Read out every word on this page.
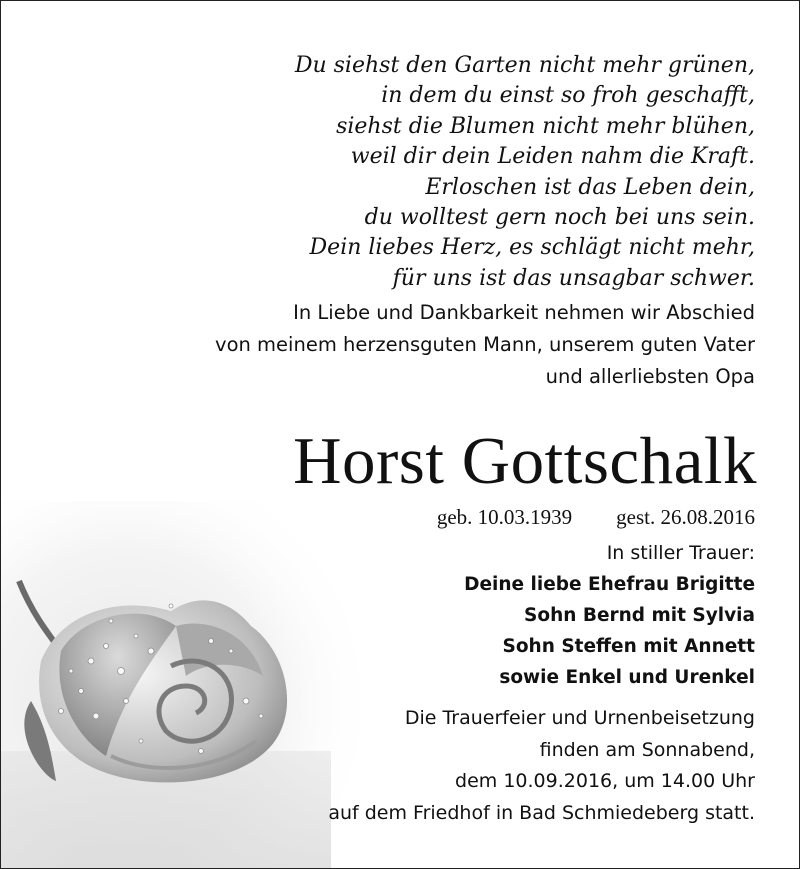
Du siehst den Garten nicht mehr grünen,
in dem du einst so froh geschafft,
siehst die Blumen nicht mehr blühen,
weil dir dein Leiden nahm die Kraft.
Erloschen ist das Leben dein,
du wolltest gern noch bei uns sein.
Dein liebes Herz, es schlägt nicht mehr,
für uns ist das unsagbar schwer.
In Liebe und Dankbarkeit nehmen wir Abschied
von meinem herzensguten Mann, unserem guten Vater
und allerliebsten Opa
Horst Gottschalk
geb. 10.03.1939 gest. 26.08.2016
In stiller Trauer:
Deine liebe Ehefrau Brigitte
Sohn Bernd mit Sylvia
Sohn Steffen mit Annett
sowie Enkel und Urenkel
Die Trauerfeier und Urnenbeisetzung
finden am Sonnabend,
dem 10.09.2016, um 14.00 Uhr
auf dem Friedhof in Bad Schmiedeberg statt.
